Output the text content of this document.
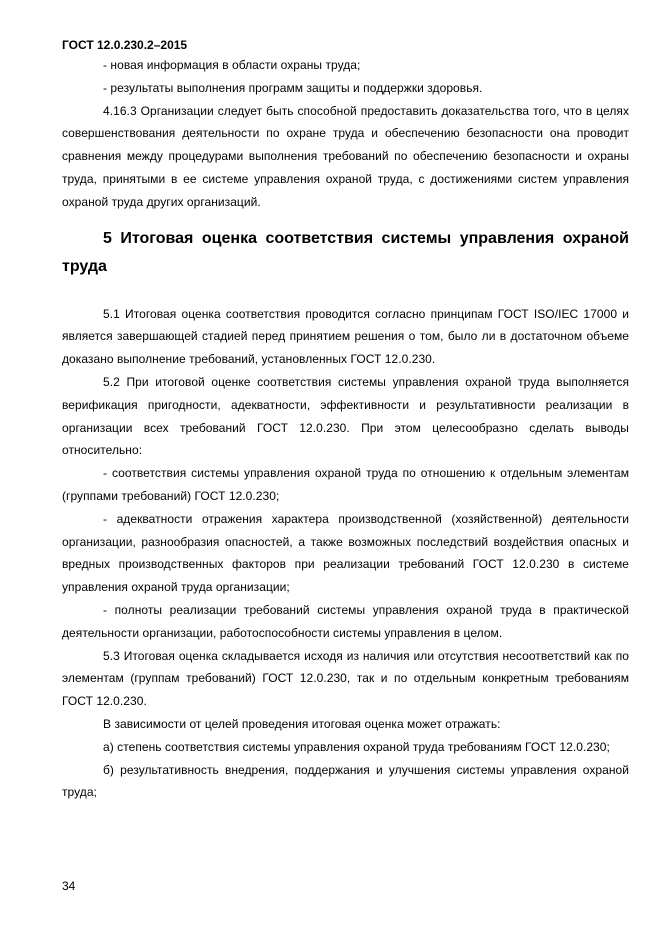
ГОСТ 12.0.230.2–2015

- новая информация в области охраны труда;

- результаты выполнения программ защиты и поддержки здоровья.

4.16.3 Организации следует быть способной предоставить доказательства того, что в целях совершенствования деятельности по охране труда и обеспечению безопасности она проводит сравнения между процедурами выполнения требований по обеспечению безопасности и охраны труда, принятыми в ее системе управления охраной труда, с достижениями систем управления охраной труда других организаций.

5 Итоговая оценка соответствия системы управления охраной труда

5.1 Итоговая оценка соответствия проводится согласно принципам ГОСТ ISO/IEC 17000 и является завершающей стадией перед принятием решения о том, было ли в достаточном объеме доказано выполнение требований, установленных ГОСТ 12.0.230.

5.2 При итоговой оценке соответствия системы управления охраной труда выполняется верификация пригодности, адекватности, эффективности и результативности реализации в организации всех требований ГОСТ 12.0.230. При этом целесообразно сделать выводы относительно:

- соответствия системы управления охраной труда по отношению к отдельным элементам (группами требований) ГОСТ 12.0.230;

- адекватности отражения характера производственной (хозяйственной) деятельности организации, разнообразия опасностей, а также возможных последствий воздействия опасных и вредных производственных факторов при реализации требований ГОСТ 12.0.230 в системе управления охраной труда организации;

- полноты реализации требований системы управления охраной труда в практической деятельности организации, работоспособности системы управления в целом.

5.3 Итоговая оценка складывается исходя из наличия или отсутствия несоответствий как по элементам (группам требований) ГОСТ 12.0.230, так и по отдельным конкретным требованиям ГОСТ 12.0.230.

В зависимости от целей проведения итоговая оценка может отражать:

а) степень соответствия системы управления охраной труда требованиям ГОСТ 12.0.230;

б) результативность внедрения, поддержания и улучшения системы управления охраной труда;

34
